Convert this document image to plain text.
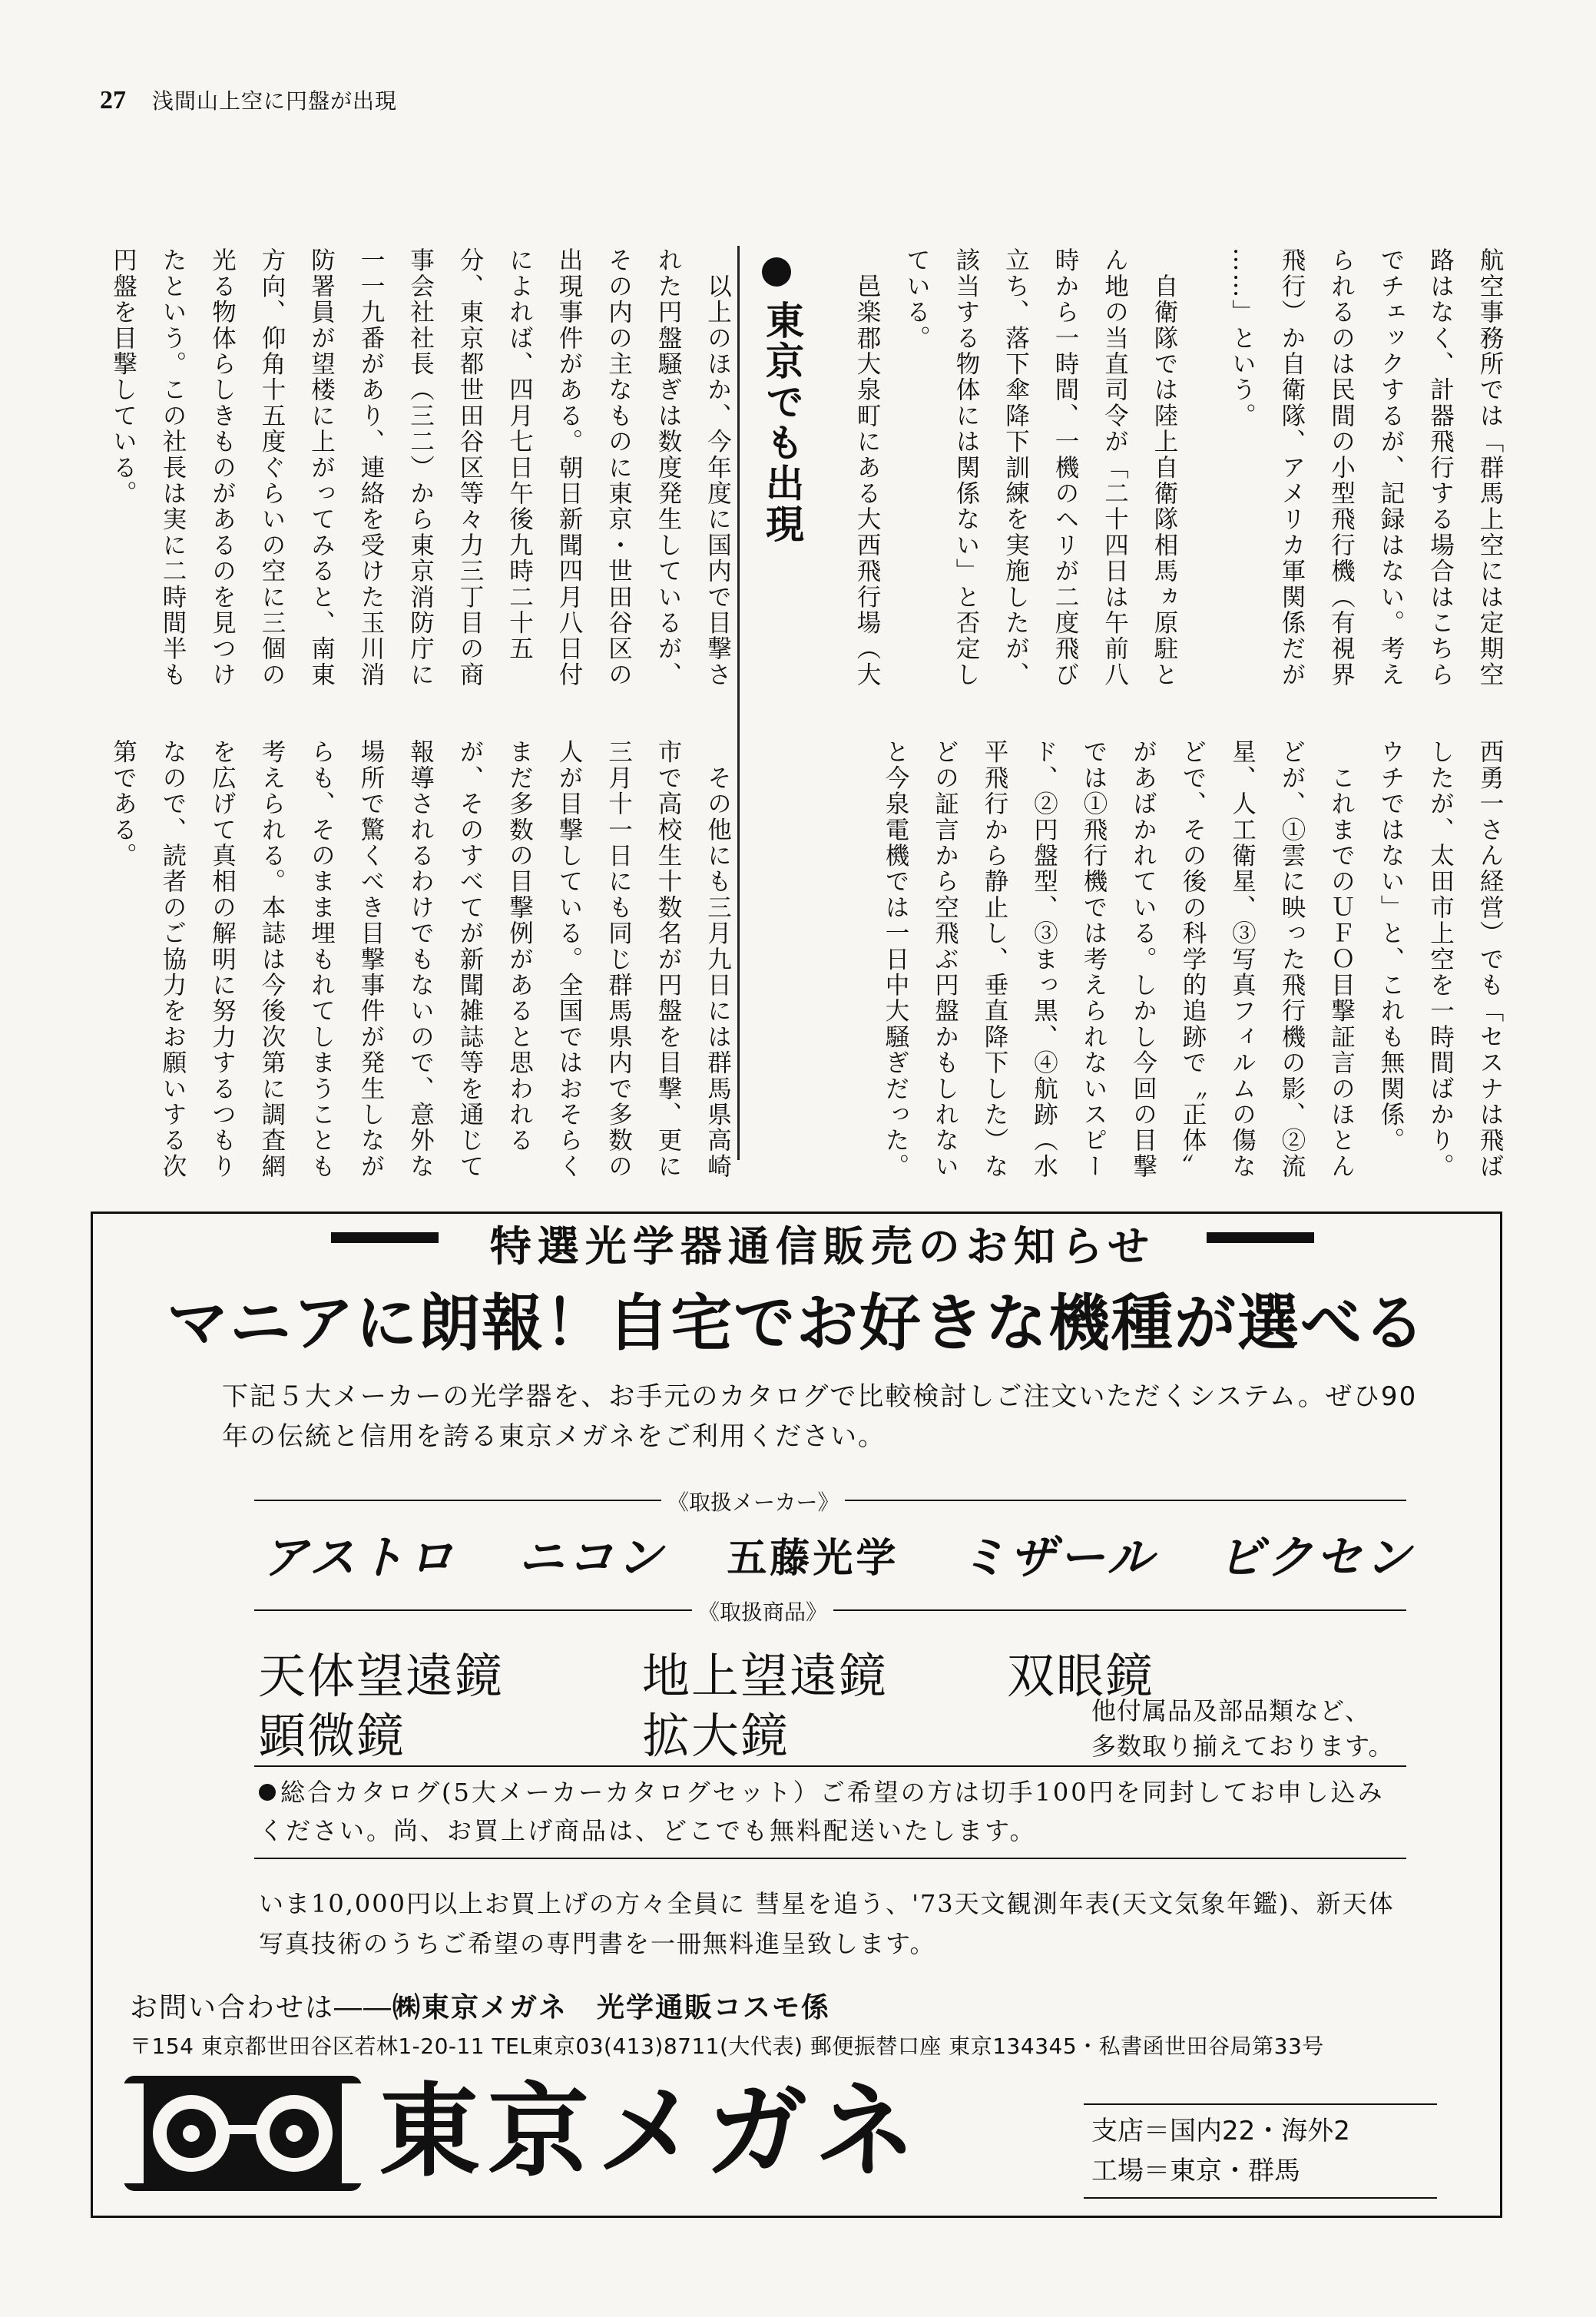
27 浅間山上空に円盤が出現

航空事務所では「群馬上空には定期空
路はなく、計器飛行する場合はこちら
でチェックするが、記録はない。考え
られるのは民間の小型飛行機（有視界
飛行）か自衛隊、アメリカ軍関係だが
……」という。

　自衛隊では陸上自衛隊相馬ヵ原駐と
ん地の当直司令が「二十四日は午前八
時から一時間、一機のヘリが二度飛び
立ち、落下傘降下訓練を実施したが、
該当する物体には関係ない」と否定し
ている。
　邑楽郡大泉町にある大西飛行場（大

東京でも出現

　以上のほか、今年度に国内で目撃さ
れた円盤騒ぎは数度発生しているが、
その内の主なものに東京・世田谷区の
出現事件がある。朝日新聞四月八日付
によれば、四月七日午後九時二十五
分、東京都世田谷区等々力三丁目の商
事会社社長（三二）から東京消防庁に
一一九番があり、連絡を受けた玉川消
防署員が望楼に上がってみると、南東
方向、仰角十五度ぐらいの空に三個の
光る物体らしきものがあるのを見つけ
たという。この社長は実に二時間半も
円盤を目撃している。

西勇一さん経営）でも「セスナは飛ば
したが、太田市上空を一時間ばかり。
ウチではない」と、これも無関係。
　これまでのＵＦＯ目撃証言のほとん
どが、①雲に映った飛行機の影、②流
星、人工衛星、③写真フィルムの傷な
どで、その後の科学的追跡で〝正体〟
があばかれている。しかし今回の目撃
では①飛行機では考えられないスピー
ド、②円盤型、③まっ黒、④航跡（水
平飛行から静止し、垂直降下した）な
どの証言から空飛ぶ円盤かもしれない
と今泉電機では一日中大騒ぎだった。

　その他にも三月九日には群馬県高崎
市で高校生十数名が円盤を目撃、更に
三月十一日にも同じ群馬県内で多数の
人が目撃している。全国ではおそらく
まだ多数の目撃例があると思われる
が、そのすべてが新聞雑誌等を通じて
報導されるわけでもないので、意外な
場所で驚くべき目撃事件が発生しなが
らも、そのまま埋もれてしまうことも
考えられる。本誌は今後次第に調査網
を広げて真相の解明に努力するつもり
なので、読者のご協力をお願いする次
第である。

特選光学器通信販売のお知らせ
マニアに朗報！自宅でお好きな機種が選べる
下記５大メーカーの光学器を、お手元のカタログで比較検討しご注文いただくシステム。ぜひ90年の伝統と信用を誇る東京メガネをご利用ください。
《取扱メーカー》
アストロ ニコン 五藤光学 ミザール ビクセン
《取扱商品》
天体望遠鏡	地上望遠鏡 双眼鏡
顕微鏡	拡大鏡	他付属品及部品類など、
多数取り揃えております。
総合カタログ(5大メーカーカタログセット）ご希望の方は切手100円を同封してお申し込みください。尚、お買上げ商品は、どこでも無料配送いたします。
いま10,000円以上お買上げの方々全員に 彗星を追う、'73天文観測年表(天文気象年鑑)、新天体写真技術のうちご希望の専門書を一冊無料進呈致します。
お問い合わせは――㈱東京メガネ　光学通販コスモ係
〒154 東京都世田谷区若林1-20-11 TEL東京03(413)8711(大代表) 郵便振替口座 東京134345・私書函世田谷局第33号
東京メガネ	支店＝国内22・海外2
工場＝東京・群馬
